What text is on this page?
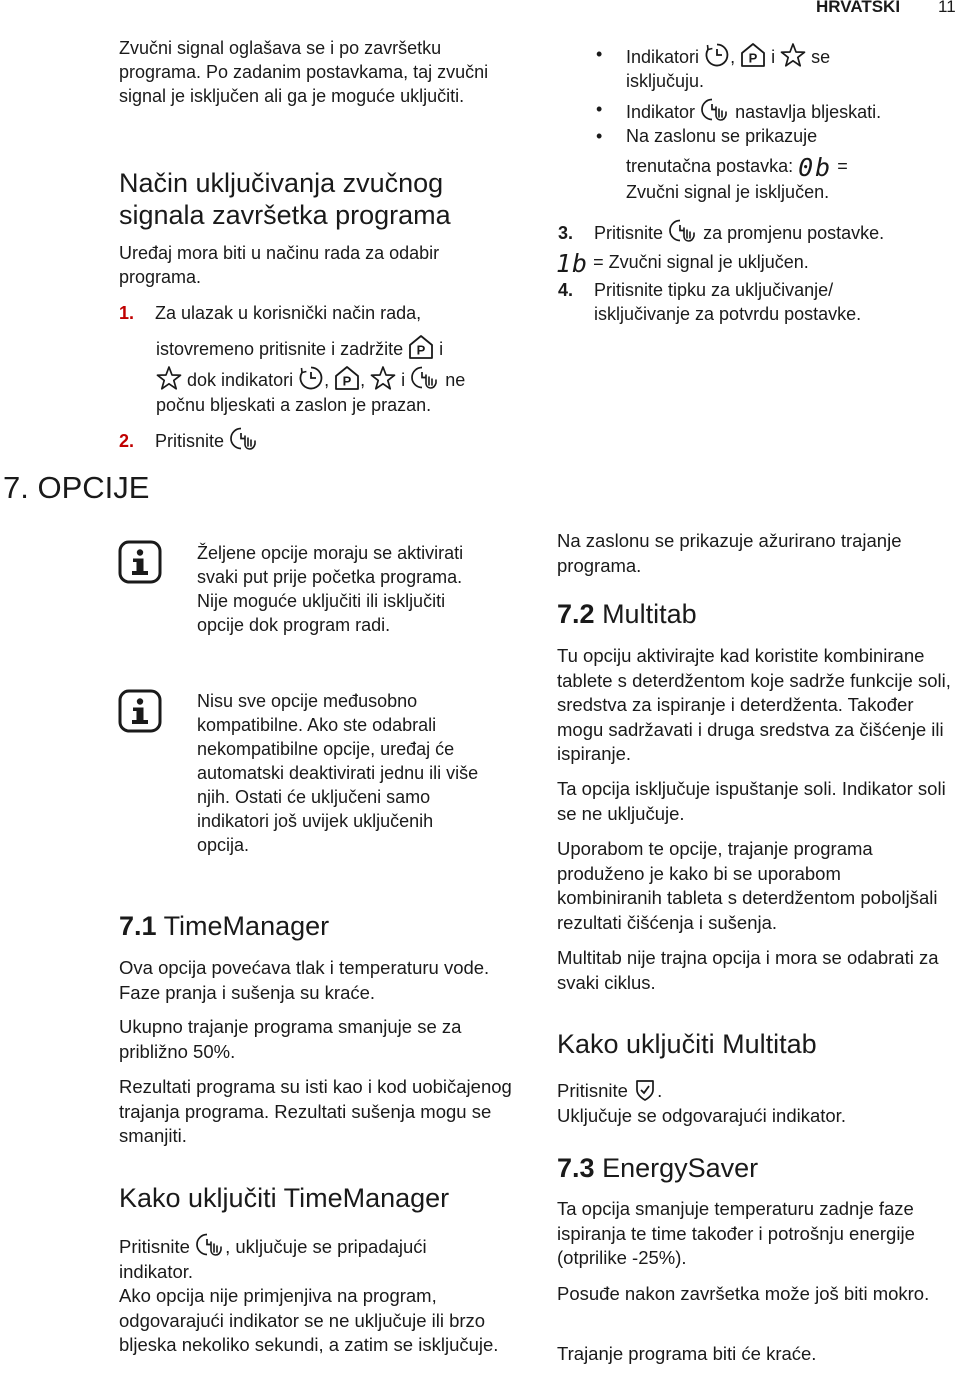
HRVATSKI 11

Zvučni signal oglašava se i po završetku programa. Po zadanim postavkama, taj zvučni signal je isključen ali ga je moguće uključiti.

Način uključivanja zvučnog signala završetka programa

Uređaj mora biti u načinu rada za odabir programa.

1. Za ulazak u korisnički način rada,
istovremeno pritisnite i zadržite P i
dok indikatori , P , i ne
počnu bljeskati a zaslon je prazan.
2. Pritisnite
• Indikatori , P i se
isključuju.
• Indikator nastavlja bljeskati.
• Na zaslonu se prikazuje
trenutačna postavka: 0b =
Zvučni signal je isključen.
3. Pritisnite za promjenu postavke.
1b = Zvučni signal je uključen.
4. Pritisnite tipku za uključivanje/
isključivanje za potvrdu postavke.
7. OPCIJE

Željene opcije moraju se aktivirati svaki put prije početka programa. Nije moguće uključiti ili isključiti opcije dok program radi.

Nisu sve opcije međusobno kompatibilne. Ako ste odabrali nekompatibilne opcije, uređaj će automatski deaktivirati jednu ili više njih. Ostati će uključeni samo indikatori još uvijek uključenih opcija.

7.1 TimeManager

Ova opcija povećava tlak i temperaturu vode. Faze pranja i sušenja su kraće.

Ukupno trajanje programa smanjuje se za približno 50%.

Rezultati programa su isti kao i kod uobičajenog trajanja programa. Rezultati sušenja mogu se smanjiti.

Kako uključiti TimeManager

Pritisnite , uključuje se pripadajući
indikator.
Ako opcija nije primjenjiva na program, odgovarajući indikator se ne uključuje ili brzo bljeska nekoliko sekundi, a zatim se isključuje.

Na zaslonu se prikazuje ažurirano trajanje programa.

7.2 Multitab

Tu opciju aktivirajte kad koristite kombinirane tablete s deterdžentom koje sadrže funkcije soli, sredstva za ispiranje i deterdženta. Također mogu sadržavati i druga sredstva za čišćenje ili ispiranje.

Ta opcija isključuje ispuštanje soli. Indikator soli se ne uključuje.

Uporabom te opcije, trajanje programa produženo je kako bi se uporabom kombiniranih tableta s deterdžentom poboljšali rezultati čišćenja i sušenja.

Multitab nije trajna opcija i mora se odabrati za svaki ciklus.

Kako uključiti Multitab

Pritisnite .
Uključuje se odgovarajući indikator.
7.3 EnergySaver

Ta opcija smanjuje temperaturu zadnje faze ispiranja te time također i potrošnju energije (otprilike -25%).

Posuđe nakon završetka može još biti mokro.

Trajanje programa biti će kraće.
